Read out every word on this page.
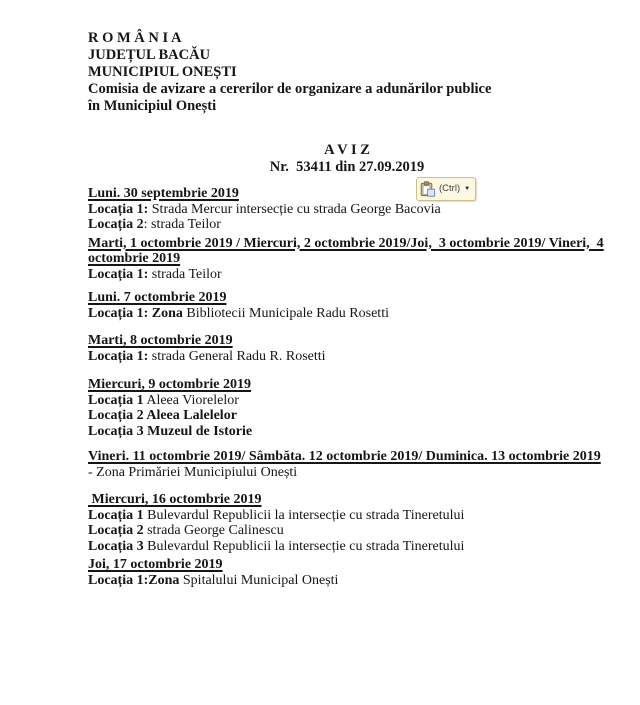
R O M Â N I A

JUDEȚUL BACĂU

MUNICIPIUL ONEȘTI

Comisia de avizare a cererilor de organizare a adunărilor publice

în Municipiul Onești

A V I Z

Nr.  53411 din 27.09.2019

Luni. 30 septembrie 2019

Locația 1: Strada Mercur intersecție cu strada George Bacovia

Locația 2: strada Teilor

Marti, 1 octombrie 2019 / Miercuri, 2 octombrie 2019/Joi,  3 octombrie 2019/ Vineri,  4
octombrie 2019

Locația 1: strada Teilor

Luni. 7 octombrie 2019

Locația 1: Zona Bibliotecii Municipale Radu Rosetti

Marti, 8 octombrie 2019

Locația 1: strada General Radu R. Rosetti

Miercuri, 9 octombrie 2019

Locația 1 Aleea Viorelelor

Locația 2 Aleea Lalelelor

Locația 3 Muzeul de Istorie

Vineri. 11 octombrie 2019/ Sâmbăta. 12 octombrie 2019/ Duminica. 13 octombrie 2019

- Zona Primăriei Municipiului Onești

Miercuri, 16 octombrie 2019

Locația 1 Bulevardul Republicii la intersecție cu strada Tineretului

Locația 2 strada George Calinescu

Locația 3 Bulevardul Republicii la intersecție cu strada Tineretului

Joi, 17 octombrie 2019

Locația 1:Zona Spitalului Municipal Onești

(Ctrl) ▼
